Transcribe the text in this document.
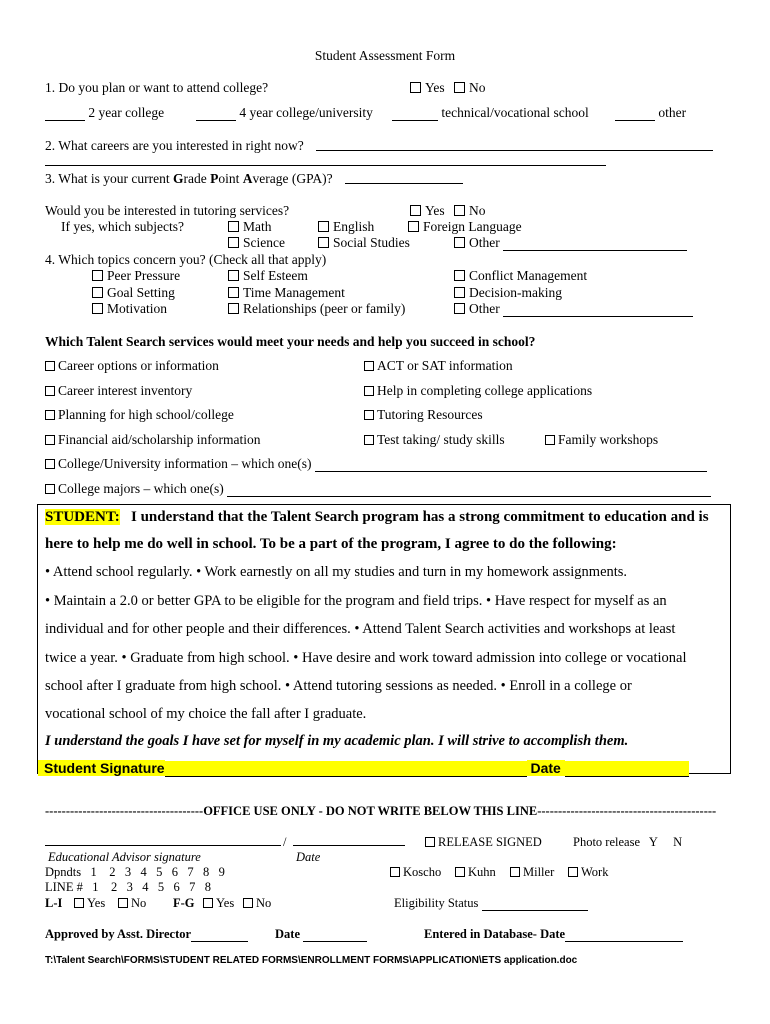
Student Assessment Form
1. Do you plan or want to attend college?	Yes	No
2 year college	4 year college/university	technical/vocational school	other
2. What careers are you interested in right now?
3. What is your current Grade Point Average (GPA)?
Would you be interested in tutoring services?	Yes	No
If yes, which subjects?	Math	English	Foreign Language
Science	Social Studies	Other
4. Which topics concern you? (Check all that apply)
Peer Pressure	Self Esteem	Conflict Management
Goal Setting	Time Management	Decision-making
Motivation	Relationships (peer or family)	Other
Which Talent Search services would meet your needs and help you succeed in school?
Career options or information	ACT or SAT information
Career interest inventory	Help in completing college applications
Planning for high school/college	Tutoring Resources
Financial aid/scholarship information	Test taking/ study skills	Family workshops
College/University information – which one(s)
College majors – which one(s)
STUDENT: I understand that the Talent Search program has a strong commitment to education and is
here to help me do well in school. To be a part of the program, I agree to do the following:
• Attend school regularly. • Work earnestly on all my studies and turn in my homework assignments.
• Maintain a 2.0 or better GPA to be eligible for the program and field trips. • Have respect for myself as an
individual and for other people and their differences. • Attend Talent Search activities and workshops at least
twice a year. • Graduate from high school. • Have desire and work toward admission into college or vocational
school after I graduate from high school. • Attend tutoring sessions as needed. • Enroll in a college or
vocational school of my choice the fall after I graduate.
I understand the goals I have set for myself in my academic plan. I will strive to accomplish them.
Student Signature	Date
--------------------------------------OFFICE USE ONLY - DO NOT WRITE BELOW THIS LINE-------------------------------------------
/	RELEASE SIGNED Photo release   Y     N
Educational Advisor signature	Date
Dpndts   1    2   3   4   5   6   7   8   9
LINE #   1    2   3   4   5   6   7   8
Koscho	Kuhn	Miller	Work
L-I	Yes	No F-G	Yes	No	Eligibility Status
Approved by Asst. Director	Date	Entered in Database- Date
T:\Talent Search\FORMS\STUDENT RELATED FORMS\ENROLLMENT FORMS\APPLICATION\ETS application.doc
